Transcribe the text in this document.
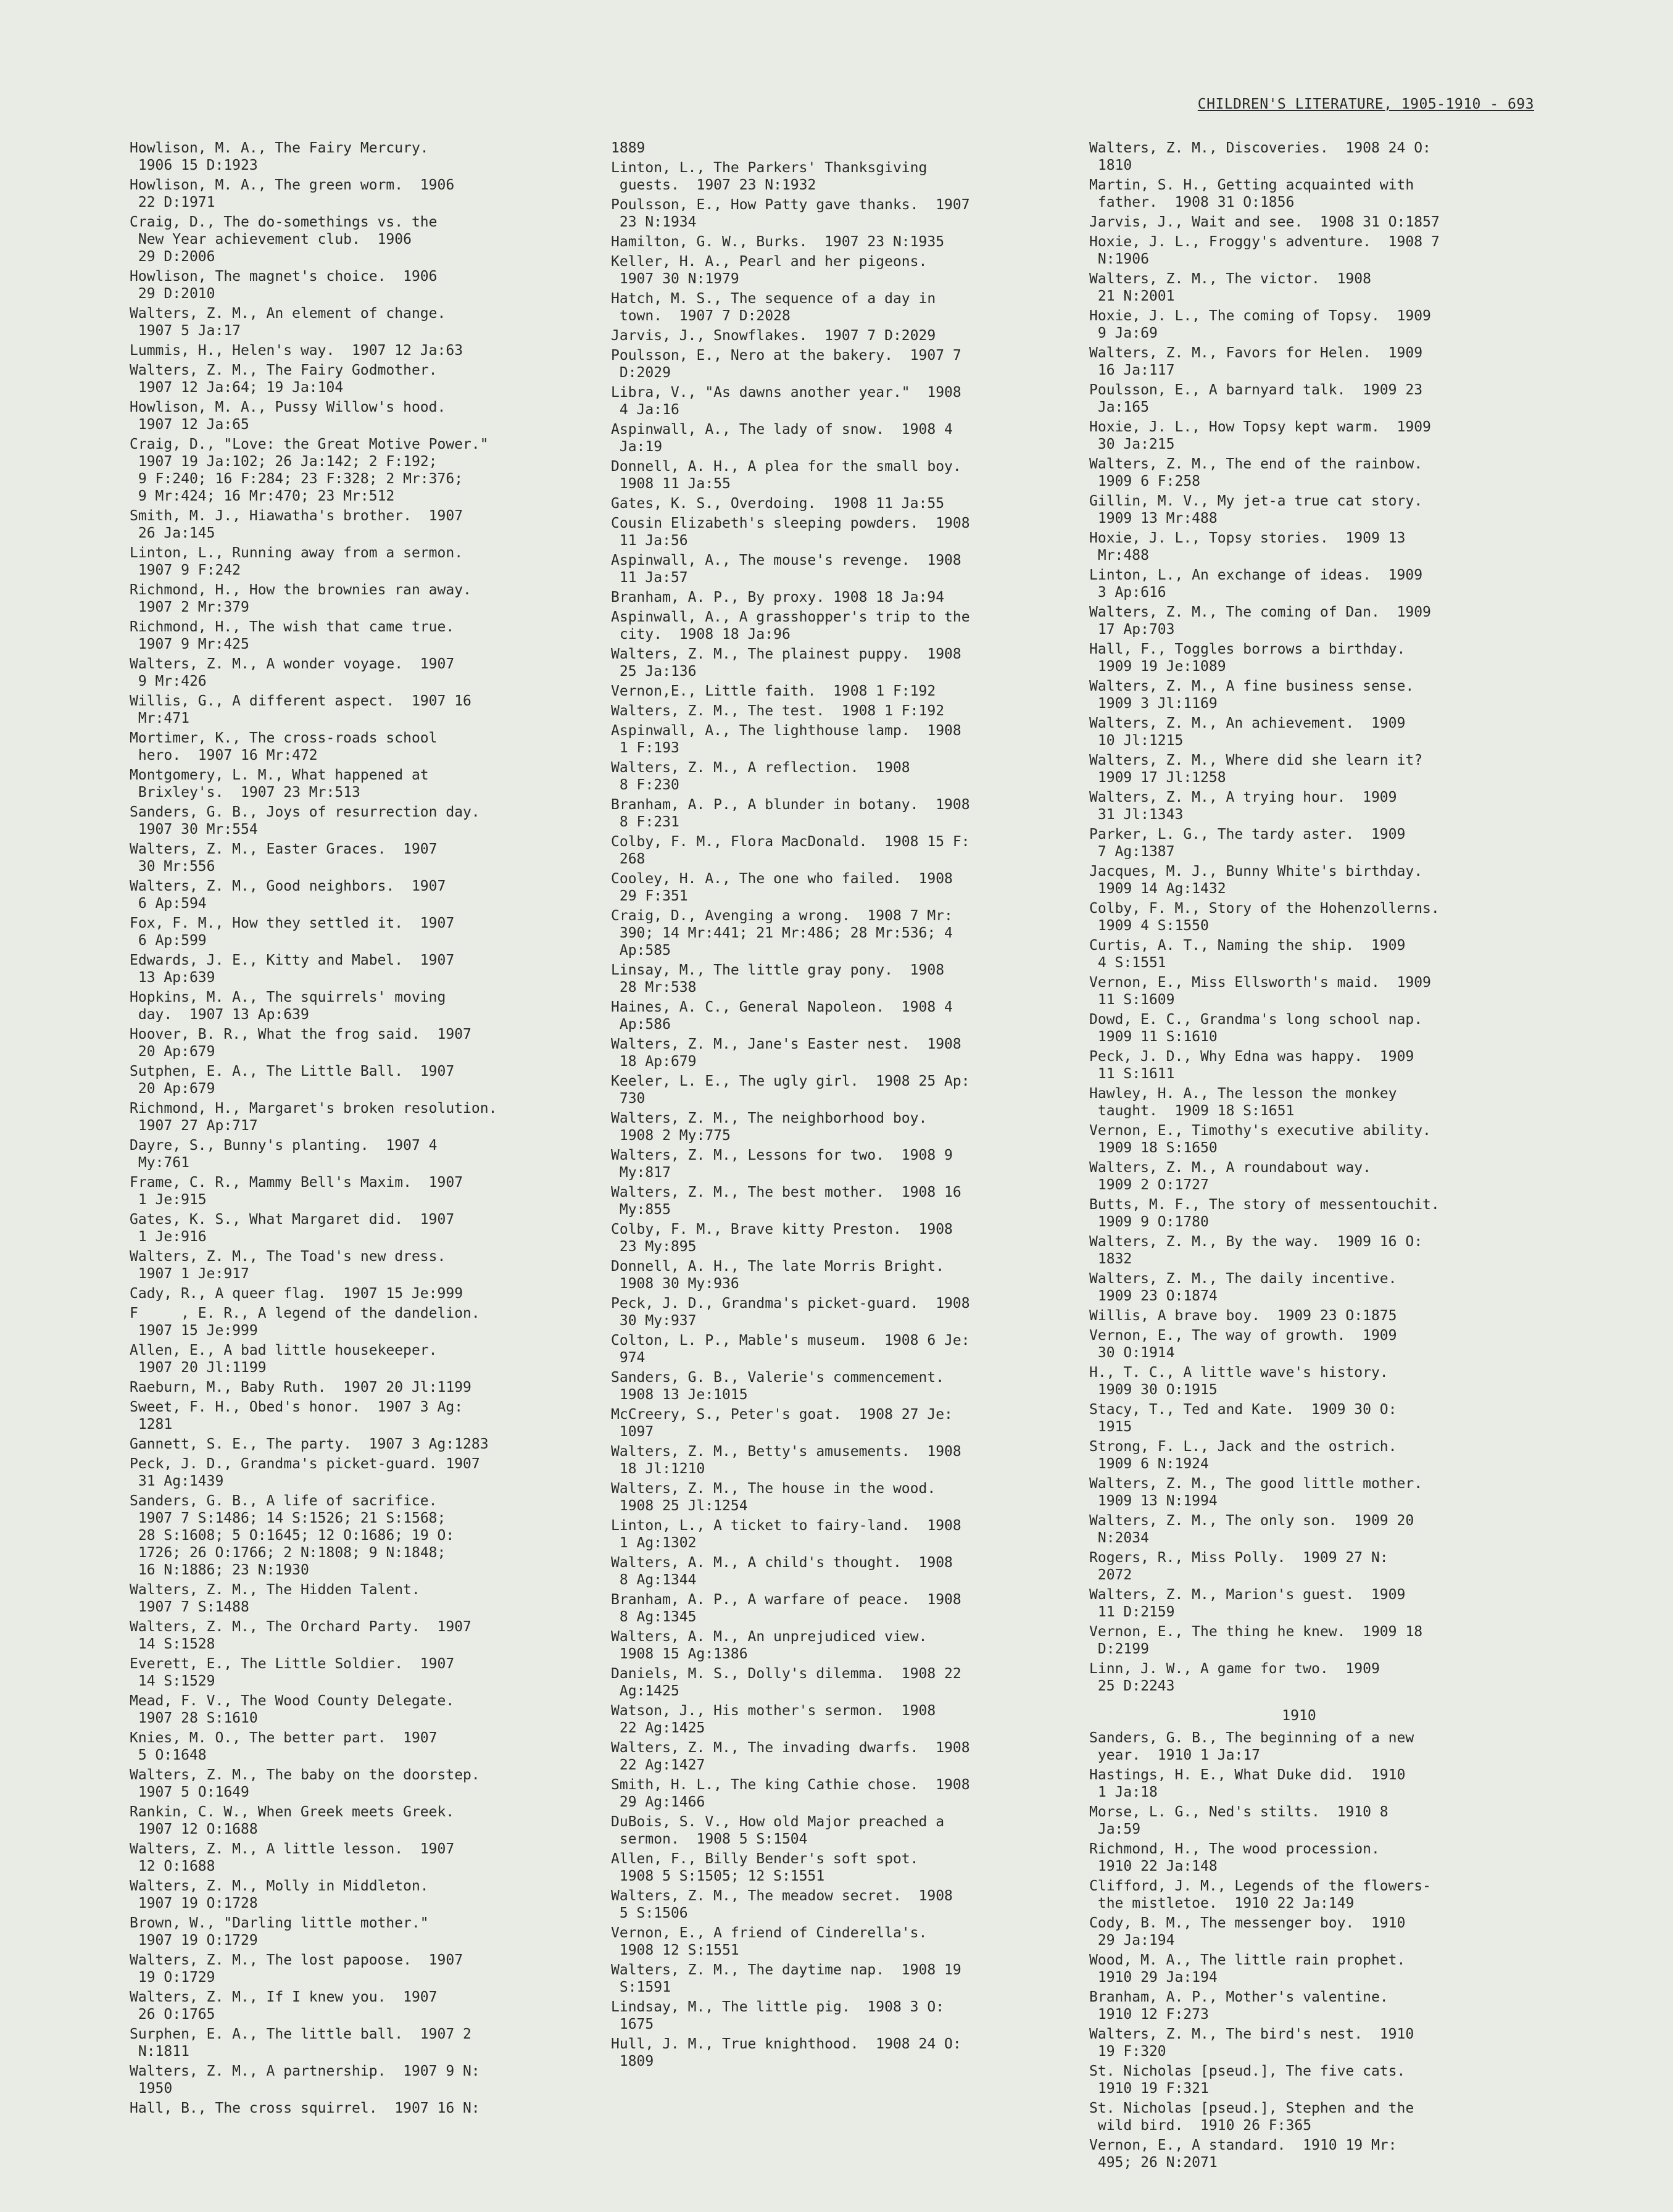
CHILDREN'S LITERATURE, 1905-1910 - 693
Howlison, M. A., The Fairy Mercury.
1906 15 D:1923
Howlison, M. A., The green worm.  1906
22 D:1971
Craig, D., The do-somethings vs. the
New Year achievement club.  1906
29 D:2006
Howlison, The magnet's choice.  1906
29 D:2010
Walters, Z. M., An element of change.
1907 5 Ja:17
Lummis, H., Helen's way.  1907 12 Ja:63
Walters, Z. M., The Fairy Godmother.
1907 12 Ja:64; 19 Ja:104
Howlison, M. A., Pussy Willow's hood.
1907 12 Ja:65
Craig, D., "Love: the Great Motive Power."
1907 19 Ja:102; 26 Ja:142; 2 F:192;
9 F:240; 16 F:284; 23 F:328; 2 Mr:376;
9 Mr:424; 16 Mr:470; 23 Mr:512
Smith, M. J., Hiawatha's brother.  1907
26 Ja:145
Linton, L., Running away from a sermon.
1907 9 F:242
Richmond, H., How the brownies ran away.
1907 2 Mr:379
Richmond, H., The wish that came true.
1907 9 Mr:425
Walters, Z. M., A wonder voyage.  1907
9 Mr:426
Willis, G., A different aspect.  1907 16
Mr:471
Mortimer, K., The cross-roads school
hero.  1907 16 Mr:472
Montgomery, L. M., What happened at
Brixley's.  1907 23 Mr:513
Sanders, G. B., Joys of resurrection day.
1907 30 Mr:554
Walters, Z. M., Easter Graces.  1907
30 Mr:556
Walters, Z. M., Good neighbors.  1907
6 Ap:594
Fox, F. M., How they settled it.  1907
6 Ap:599
Edwards, J. E., Kitty and Mabel.  1907
13 Ap:639
Hopkins, M. A., The squirrels' moving
day.  1907 13 Ap:639
Hoover, B. R., What the frog said.  1907
20 Ap:679
Sutphen, E. A., The Little Ball.  1907
20 Ap:679
Richmond, H., Margaret's broken resolution.
1907 27 Ap:717
Dayre, S., Bunny's planting.  1907 4
My:761
Frame, C. R., Mammy Bell's Maxim.  1907
1 Je:915
Gates, K. S., What Margaret did.  1907
1 Je:916
Walters, Z. M., The Toad's new dress.
1907 1 Je:917
Cady, R., A queer flag.  1907 15 Je:999
F     , E. R., A legend of the dandelion.
1907 15 Je:999
Allen, E., A bad little housekeeper.
1907 20 Jl:1199
Raeburn, M., Baby Ruth.  1907 20 Jl:1199
Sweet, F. H., Obed's honor.  1907 3 Ag:
1281
Gannett, S. E., The party.  1907 3 Ag:1283
Peck, J. D., Grandma's picket-guard. 1907
31 Ag:1439
Sanders, G. B., A life of sacrifice.
1907 7 S:1486; 14 S:1526; 21 S:1568;
28 S:1608; 5 O:1645; 12 O:1686; 19 O:
1726; 26 O:1766; 2 N:1808; 9 N:1848;
16 N:1886; 23 N:1930
Walters, Z. M., The Hidden Talent.
1907 7 S:1488
Walters, Z. M., The Orchard Party.  1907
14 S:1528
Everett, E., The Little Soldier.  1907
14 S:1529
Mead, F. V., The Wood County Delegate.
1907 28 S:1610
Knies, M. O., The better part.  1907
5 O:1648
Walters, Z. M., The baby on the doorstep.
1907 5 O:1649
Rankin, C. W., When Greek meets Greek.
1907 12 O:1688
Walters, Z. M., A little lesson.  1907
12 O:1688
Walters, Z. M., Molly in Middleton.
1907 19 O:1728
Brown, W., "Darling little mother."
1907 19 O:1729
Walters, Z. M., The lost papoose.  1907
19 O:1729
Walters, Z. M., If I knew you.  1907
26 O:1765
Surphen, E. A., The little ball.  1907 2
N:1811
Walters, Z. M., A partnership.  1907 9 N:
1950
Hall, B., The cross squirrel.  1907 16 N:
1889
Linton, L., The Parkers' Thanksgiving
guests.  1907 23 N:1932
Poulsson, E., How Patty gave thanks.  1907
23 N:1934
Hamilton, G. W., Burks.  1907 23 N:1935
Keller, H. A., Pearl and her pigeons.
1907 30 N:1979
Hatch, M. S., The sequence of a day in
town.  1907 7 D:2028
Jarvis, J., Snowflakes.  1907 7 D:2029
Poulsson, E., Nero at the bakery.  1907 7
D:2029
Libra, V., "As dawns another year."  1908
4 Ja:16
Aspinwall, A., The lady of snow.  1908 4
Ja:19
Donnell, A. H., A plea for the small boy.
1908 11 Ja:55
Gates, K. S., Overdoing.  1908 11 Ja:55
Cousin Elizabeth's sleeping powders.  1908
11 Ja:56
Aspinwall, A., The mouse's revenge.  1908
11 Ja:57
Branham, A. P., By proxy. 1908 18 Ja:94
Aspinwall, A., A grasshopper's trip to the
city.  1908 18 Ja:96
Walters, Z. M., The plainest puppy.  1908
25 Ja:136
Vernon,E., Little faith.  1908 1 F:192
Walters, Z. M., The test.  1908 1 F:192
Aspinwall, A., The lighthouse lamp.  1908
1 F:193
Walters, Z. M., A reflection.  1908
8 F:230
Branham, A. P., A blunder in botany.  1908
8 F:231
Colby, F. M., Flora MacDonald.  1908 15 F:
268
Cooley, H. A., The one who failed.  1908
29 F:351
Craig, D., Avenging a wrong.  1908 7 Mr:
390; 14 Mr:441; 21 Mr:486; 28 Mr:536; 4
Ap:585
Linsay, M., The little gray pony.  1908
28 Mr:538
Haines, A. C., General Napoleon.  1908 4
Ap:586
Walters, Z. M., Jane's Easter nest.  1908
18 Ap:679
Keeler, L. E., The ugly girl.  1908 25 Ap:
730
Walters, Z. M., The neighborhood boy.
1908 2 My:775
Walters, Z. M., Lessons for two.  1908 9
My:817
Walters, Z. M., The best mother.  1908 16
My:855
Colby, F. M., Brave kitty Preston.  1908
23 My:895
Donnell, A. H., The late Morris Bright.
1908 30 My:936
Peck, J. D., Grandma's picket-guard.  1908
30 My:937
Colton, L. P., Mable's museum.  1908 6 Je:
974
Sanders, G. B., Valerie's commencement.
1908 13 Je:1015
McCreery, S., Peter's goat.  1908 27 Je:
1097
Walters, Z. M., Betty's amusements.  1908
18 Jl:1210
Walters, Z. M., The house in the wood.
1908 25 Jl:1254
Linton, L., A ticket to fairy-land.  1908
1 Ag:1302
Walters, A. M., A child's thought.  1908
8 Ag:1344
Branham, A. P., A warfare of peace.  1908
8 Ag:1345
Walters, A. M., An unprejudiced view.
1908 15 Ag:1386
Daniels, M. S., Dolly's dilemma.  1908 22
Ag:1425
Watson, J., His mother's sermon.  1908
22 Ag:1425
Walters, Z. M., The invading dwarfs.  1908
22 Ag:1427
Smith, H. L., The king Cathie chose.  1908
29 Ag:1466
DuBois, S. V., How old Major preached a
sermon.  1908 5 S:1504
Allen, F., Billy Bender's soft spot.
1908 5 S:1505; 12 S:1551
Walters, Z. M., The meadow secret.  1908
5 S:1506
Vernon, E., A friend of Cinderella's.
1908 12 S:1551
Walters, Z. M., The daytime nap.  1908 19
S:1591
Lindsay, M., The little pig.  1908 3 O:
1675
Hull, J. M., True knighthood.  1908 24 O:
1809
Walters, Z. M., Discoveries.  1908 24 O:
1810
Martin, S. H., Getting acquainted with
father.  1908 31 O:1856
Jarvis, J., Wait and see.  1908 31 O:1857
Hoxie, J. L., Froggy's adventure.  1908 7
N:1906
Walters, Z. M., The victor.  1908
21 N:2001
Hoxie, J. L., The coming of Topsy.  1909
9 Ja:69
Walters, Z. M., Favors for Helen.  1909
16 Ja:117
Poulsson, E., A barnyard talk.  1909 23
Ja:165
Hoxie, J. L., How Topsy kept warm.  1909
30 Ja:215
Walters, Z. M., The end of the rainbow.
1909 6 F:258
Gillin, M. V., My jet-a true cat story.
1909 13 Mr:488
Hoxie, J. L., Topsy stories.  1909 13
Mr:488
Linton, L., An exchange of ideas.  1909
3 Ap:616
Walters, Z. M., The coming of Dan.  1909
17 Ap:703
Hall, F., Toggles borrows a birthday.
1909 19 Je:1089
Walters, Z. M., A fine business sense.
1909 3 Jl:1169
Walters, Z. M., An achievement.  1909
10 Jl:1215
Walters, Z. M., Where did she learn it?
1909 17 Jl:1258
Walters, Z. M., A trying hour.  1909
31 Jl:1343
Parker, L. G., The tardy aster.  1909
7 Ag:1387
Jacques, M. J., Bunny White's birthday.
1909 14 Ag:1432
Colby, F. M., Story of the Hohenzollerns.
1909 4 S:1550
Curtis, A. T., Naming the ship.  1909
4 S:1551
Vernon, E., Miss Ellsworth's maid.  1909
11 S:1609
Dowd, E. C., Grandma's long school nap.
1909 11 S:1610
Peck, J. D., Why Edna was happy.  1909
11 S:1611
Hawley, H. A., The lesson the monkey
taught.  1909 18 S:1651
Vernon, E., Timothy's executive ability.
1909 18 S:1650
Walters, Z. M., A roundabout way.
1909 2 O:1727
Butts, M. F., The story of messentouchit.
1909 9 O:1780
Walters, Z. M., By the way.  1909 16 O:
1832
Walters, Z. M., The daily incentive.
1909 23 O:1874
Willis, A brave boy.  1909 23 O:1875
Vernon, E., The way of growth.  1909
30 O:1914
H., T. C., A little wave's history.
1909 30 O:1915
Stacy, T., Ted and Kate.  1909 30 O:
1915
Strong, F. L., Jack and the ostrich.
1909 6 N:1924
Walters, Z. M., The good little mother.
1909 13 N:1994
Walters, Z. M., The only son.  1909 20
N:2034
Rogers, R., Miss Polly.  1909 27 N:
2072
Walters, Z. M., Marion's guest.  1909
11 D:2159
Vernon, E., The thing he knew.  1909 18
D:2199
Linn, J. W., A game for two.  1909
25 D:2243
1910
Sanders, G. B., The beginning of a new
year.  1910 1 Ja:17
Hastings, H. E., What Duke did.  1910
1 Ja:18
Morse, L. G., Ned's stilts.  1910 8
Ja:59
Richmond, H., The wood procession.
1910 22 Ja:148
Clifford, J. M., Legends of the flowers-
the mistletoe.  1910 22 Ja:149
Cody, B. M., The messenger boy.  1910
29 Ja:194
Wood, M. A., The little rain prophet.
1910 29 Ja:194
Branham, A. P., Mother's valentine.
1910 12 F:273
Walters, Z. M., The bird's nest.  1910
19 F:320
St. Nicholas [pseud.], The five cats.
1910 19 F:321
St. Nicholas [pseud.], Stephen and the
wild bird.  1910 26 F:365
Vernon, E., A standard.  1910 19 Mr:
495; 26 N:2071
